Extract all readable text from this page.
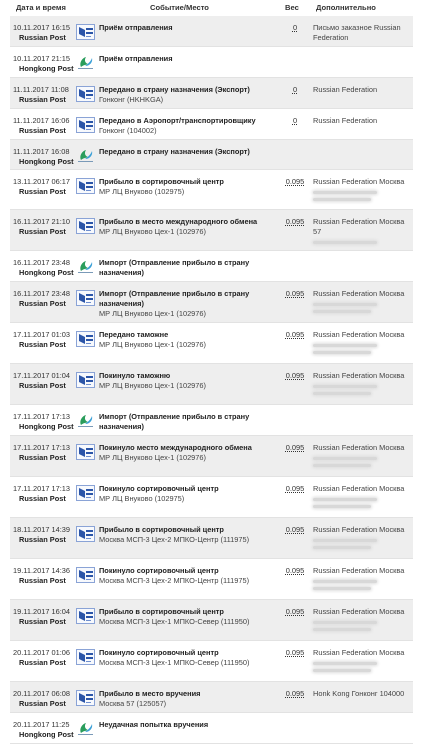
Дата и время	Событие/Место	Вес Дополнительно
10.11.2017 16:15
Russian Post
Приём отправления	0	Письмо заказное Russian Federation
10.11.2017 21:15
Hongkong Post
Приём отправления
11.11.2017 11:08
Russian Post
Передано в страну назначения (Экспорт)
Гонконг (HKHKGA)
0	Russian Federation
11.11.2017 16:06
Russian Post
Передано в Аэропорт/транспортировщику
Гонконг (104002)
0	Russian Federation
11.11.2017 16:08
Hongkong Post
Передано в страну назначения (Экспорт)
13.11.2017 06:17
Russian Post
Прибыло в сортировочный центр
МР ЛЦ Внуково (102975)
0.095	Russian Federation Москва
16.11.2017 21:10
Russian Post
Прибыло в место международного обмена
МР ЛЦ Внуково Цех-1 (102976)
0.095	Russian Federation Москва 57
16.11.2017 23:48
Hongkong Post
Импорт (Отправление прибыло в страну назначения)
16.11.2017 23:48
Russian Post
Импорт (Отправление прибыло в страну назначения)
МР ЛЦ Внуково Цех-1 (102976)
0.095	Russian Federation Москва
17.11.2017 01:03
Russian Post
Передано таможне
МР ЛЦ Внуково Цех-1 (102976)
0.095	Russian Federation Москва
17.11.2017 01:04
Russian Post
Покинуло таможню
МР ЛЦ Внуково Цех-1 (102976)
0.095	Russian Federation Москва
17.11.2017 17:13
Hongkong Post
Импорт (Отправление прибыло в страну назначения)
17.11.2017 17:13
Russian Post
Покинуло место международного обмена
МР ЛЦ Внуково Цех-1 (102976)
0.095	Russian Federation Москва
17.11.2017 17:13
Russian Post
Покинуло сортировочный центр
МР ЛЦ Внуково (102975)
0.095	Russian Federation Москва
18.11.2017 14:39
Russian Post
Прибыло в сортировочный центр
Москва МСП-3 Цех-2 МПКО-Центр (111975)
0.095	Russian Federation Москва
19.11.2017 14:36
Russian Post
Покинуло сортировочный центр
Москва МСП-3 Цех-2 МПКО-Центр (111975)
0.095	Russian Federation Москва
19.11.2017 16:04
Russian Post
Прибыло в сортировочный центр
Москва МСП-3 Цех-1 МПКО-Север (111950)
0.095	Russian Federation Москва
20.11.2017 01:06
Russian Post
Покинуло сортировочный центр
Москва МСП-3 Цех-1 МПКО-Север (111950)
0.095	Russian Federation Москва
20.11.2017 06:08
Russian Post
Прибыло в место вручения
Москва 57 (125057)
0.095	Honk Kong Гонконг 104000
20.11.2017 11:25
Hongkong Post
Неудачная попытка вручения
